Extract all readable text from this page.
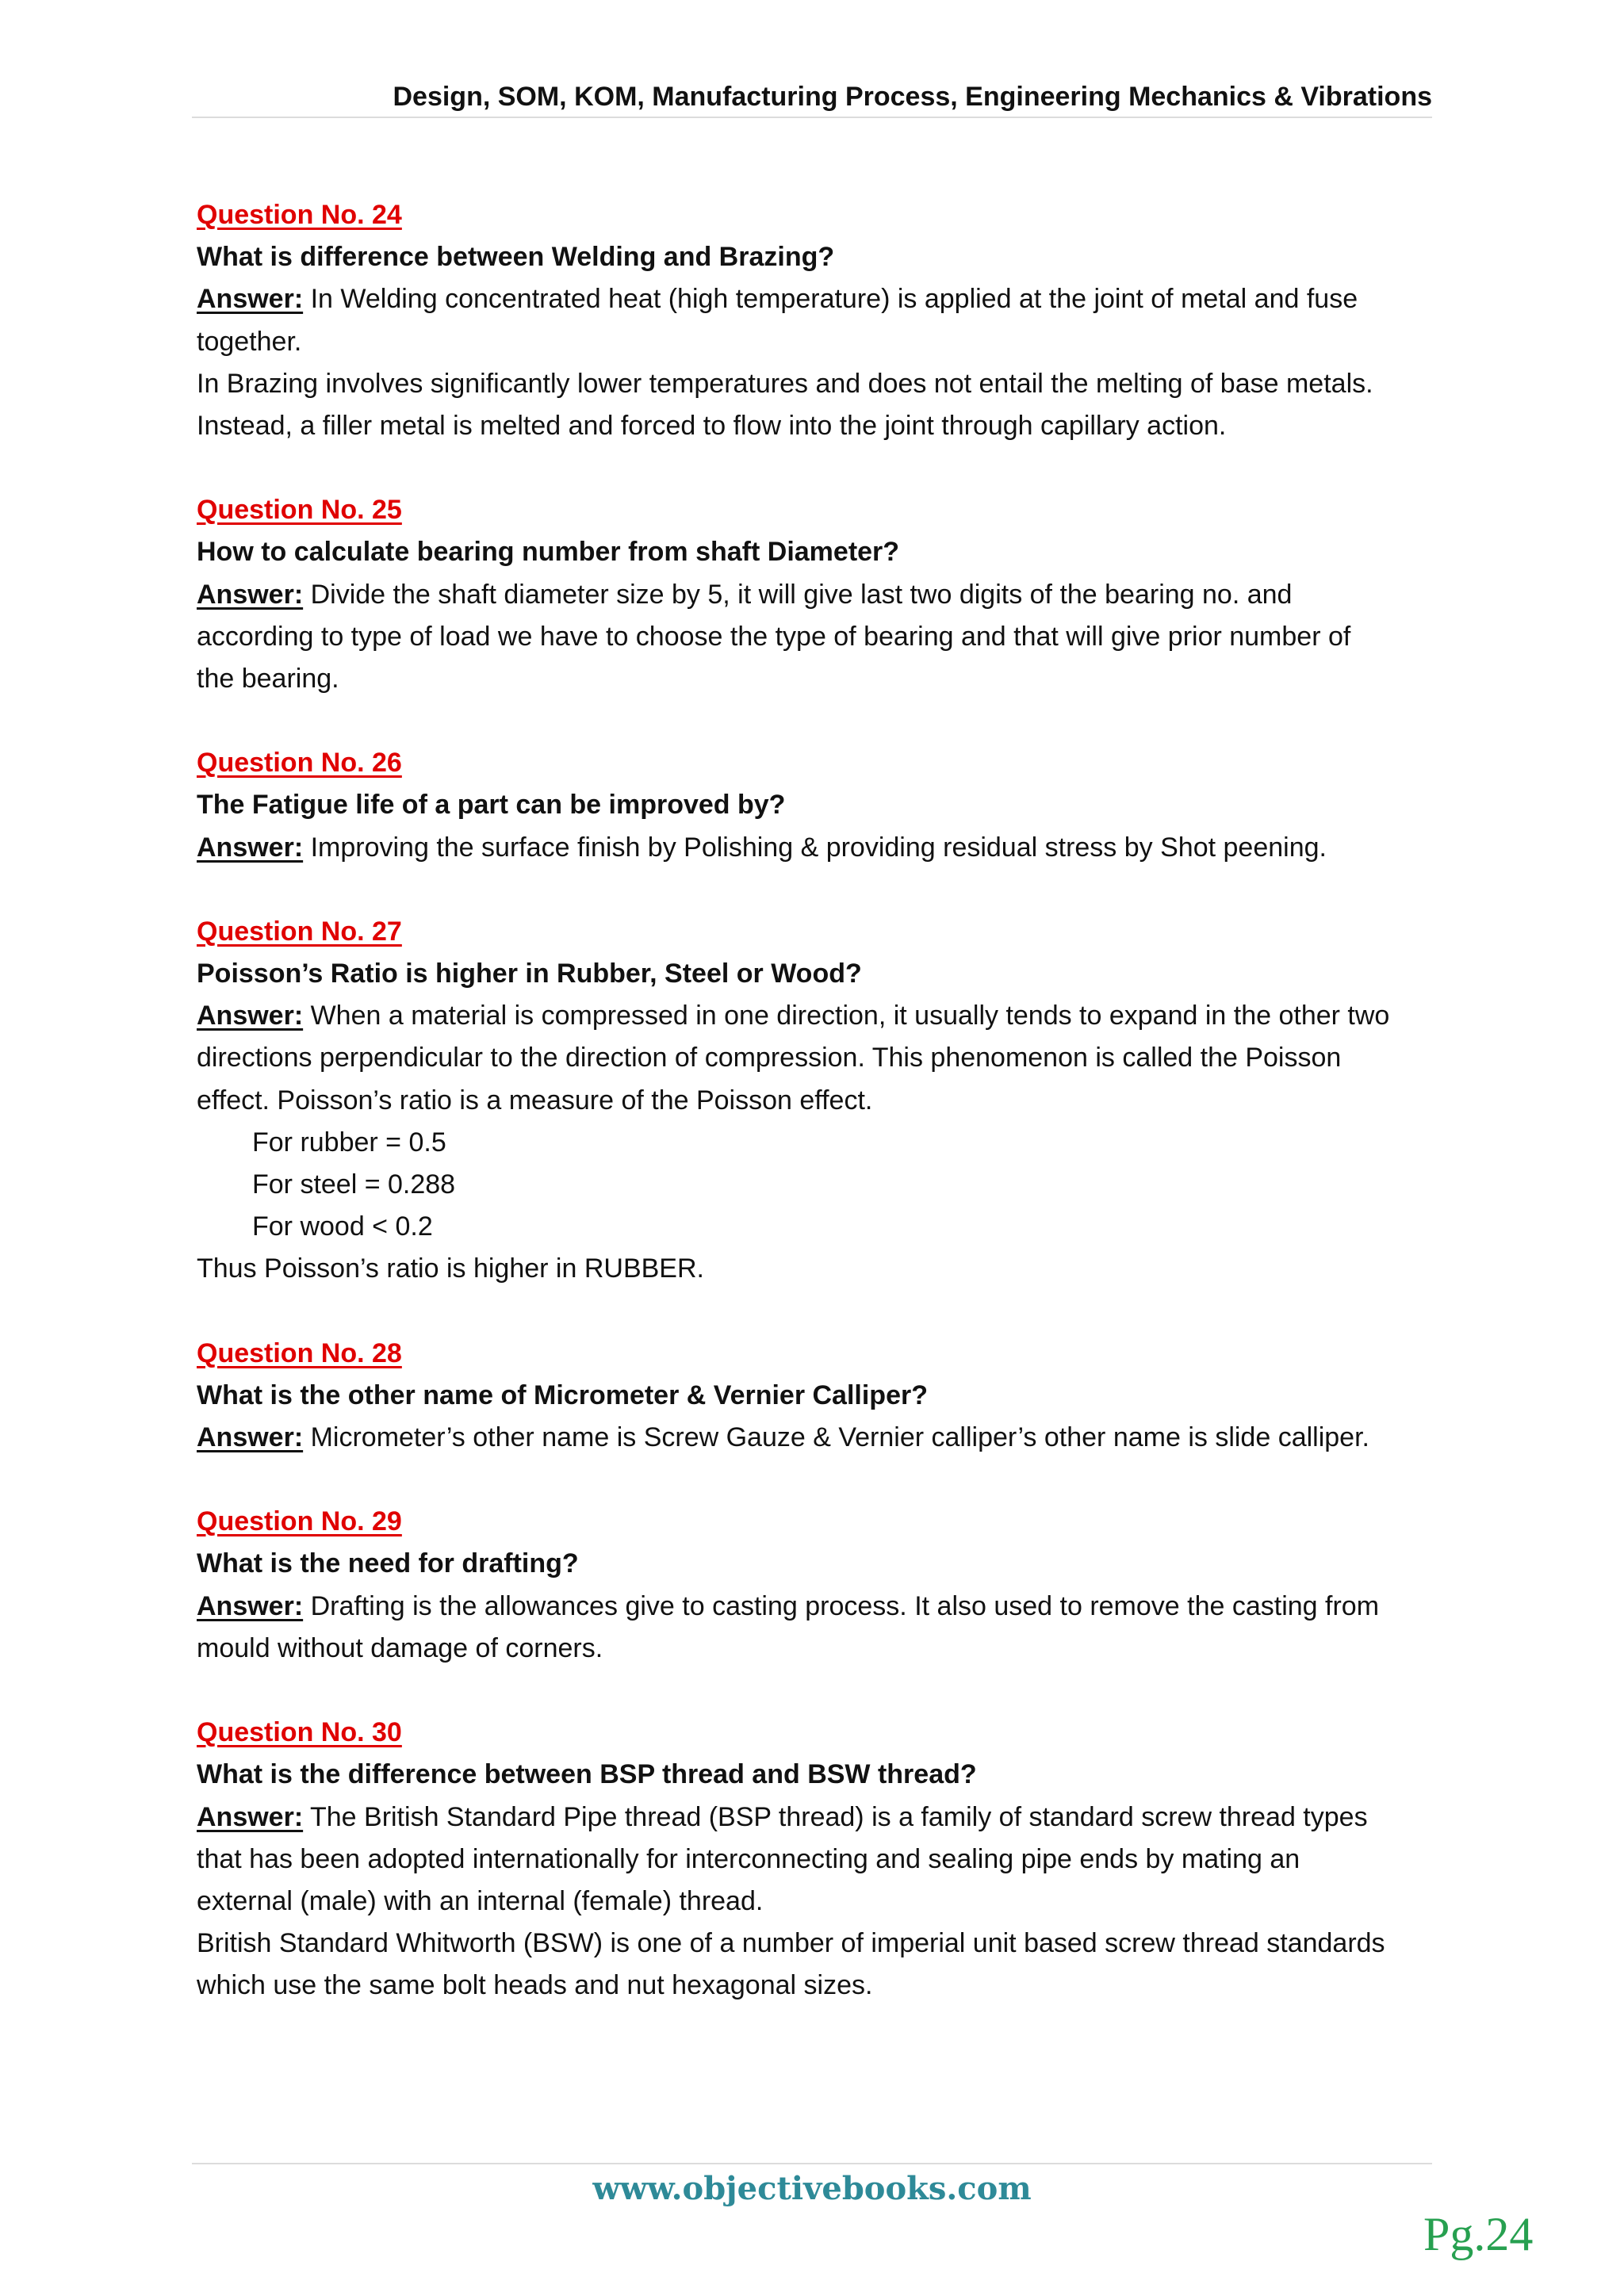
Design, SOM, KOM, Manufacturing Process, Engineering Mechanics & Vibrations
Question No. 24
What is difference between Welding and Brazing?
Answer: In Welding concentrated heat (high temperature) is applied at the joint of metal and fuse
together.
In Brazing involves significantly lower temperatures and does not entail the melting of base metals.
Instead, a filler metal is melted and forced to flow into the joint through capillary action.
Question No. 25
How to calculate bearing number from shaft Diameter?
Answer: Divide the shaft diameter size by 5, it will give last two digits of the bearing no. and
according to type of load we have to choose the type of bearing and that will give prior number of
the bearing.
Question No. 26
The Fatigue life of a part can be improved by?
Answer: Improving the surface finish by Polishing & providing residual stress by Shot peening.
Question No. 27
Poisson’s Ratio is higher in Rubber, Steel or Wood?
Answer: When a material is compressed in one direction, it usually tends to expand in the other two
directions perpendicular to the direction of compression. This phenomenon is called the Poisson
effect. Poisson’s ratio is a measure of the Poisson effect.
For rubber = 0.5
For steel = 0.288
For wood < 0.2
Thus Poisson’s ratio is higher in RUBBER.
Question No. 28
What is the other name of Micrometer & Vernier Calliper?
Answer: Micrometer’s other name is Screw Gauze & Vernier calliper’s other name is slide calliper.
Question No. 29
What is the need for drafting?
Answer: Drafting is the allowances give to casting process. It also used to remove the casting from
mould without damage of corners.
Question No. 30
What is the difference between BSP thread and BSW thread?
Answer: The British Standard Pipe thread (BSP thread) is a family of standard screw thread types
that has been adopted internationally for interconnecting and sealing pipe ends by mating an
external (male) with an internal (female) thread.
British Standard Whitworth (BSW) is one of a number of imperial unit based screw thread standards
which use the same bolt heads and nut hexagonal sizes.
www.objectivebooks.com
Pg.24
